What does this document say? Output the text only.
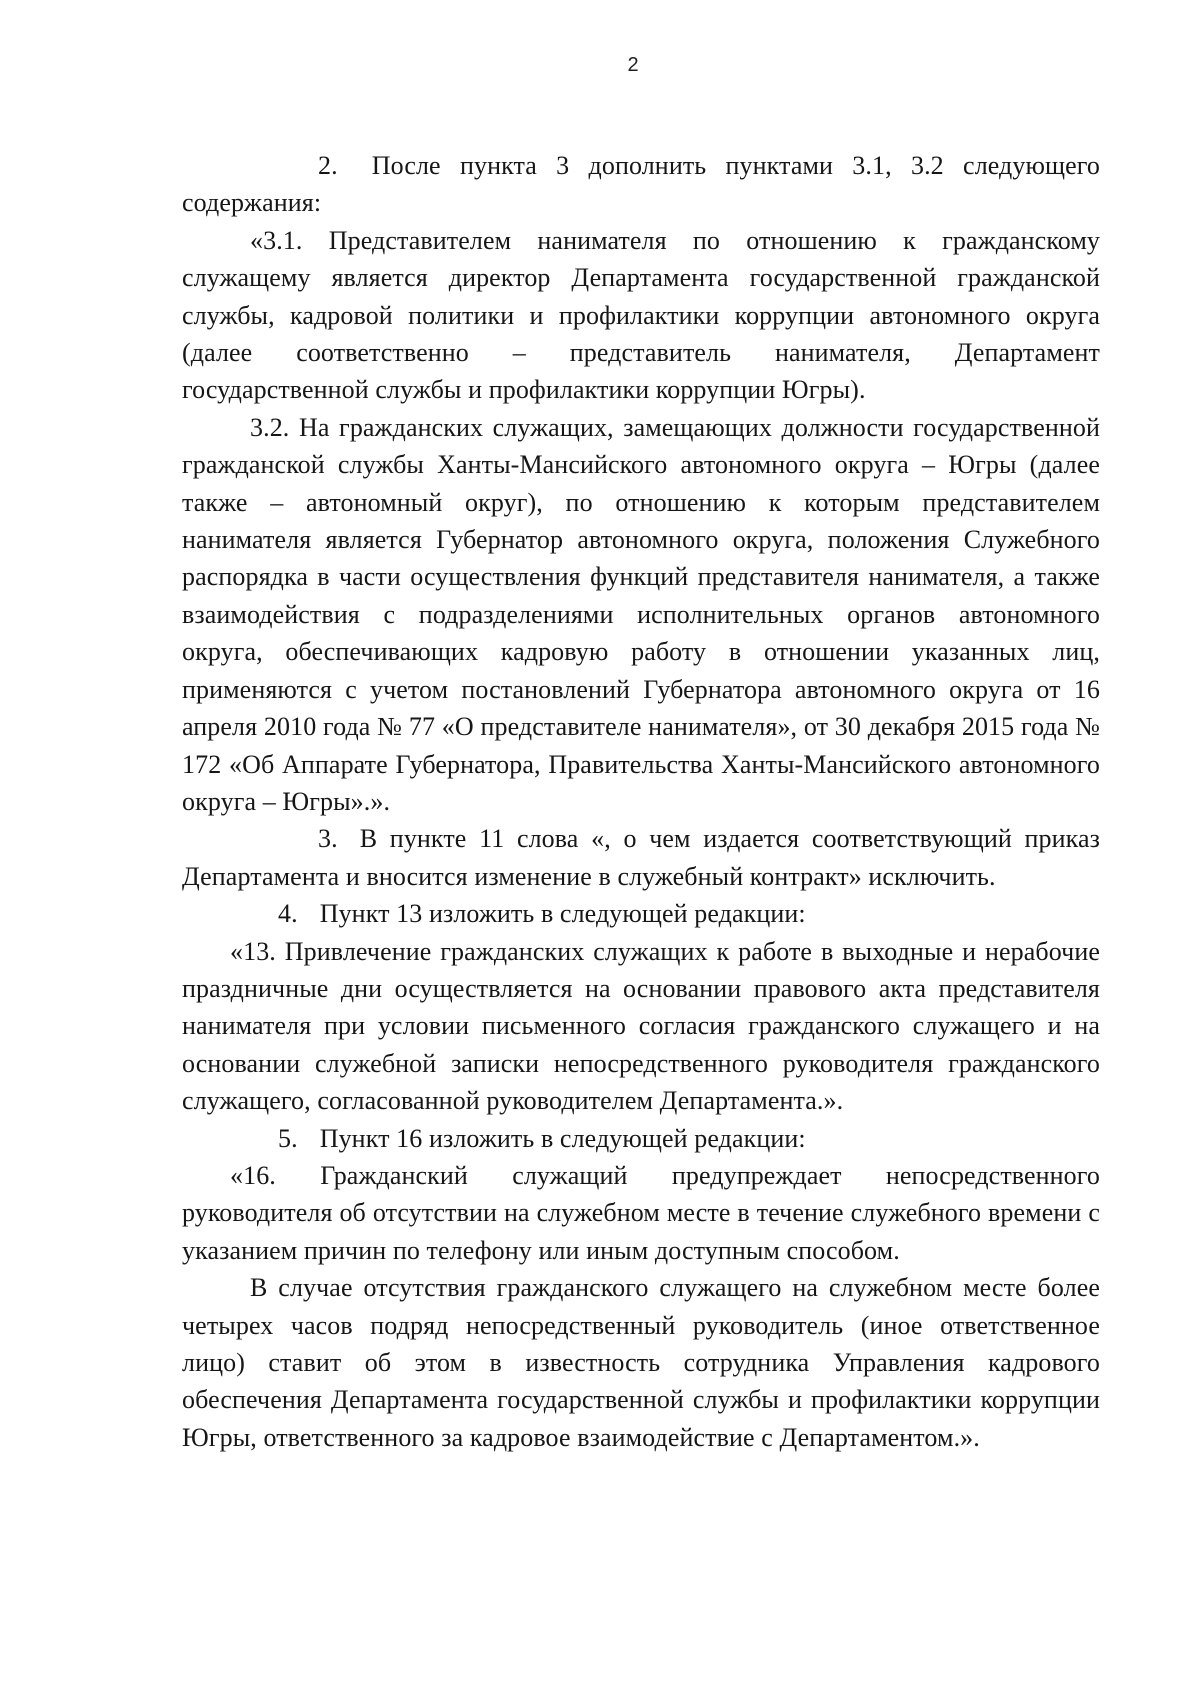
2

2. После пункта 3 дополнить пунктами 3.1, 3.2 следующего содержания:

«3.1. Представителем нанимателя по отношению к гражданскому служащему является директор Департамента государственной гражданской службы, кадровой политики и профилактики коррупции автономного округа (далее соответственно – представитель нанимателя, Департамент государственной службы и профилактики коррупции Югры).

3.2. На гражданских служащих, замещающих должности государственной гражданской службы Ханты-Мансийского автономного округа – Югры (далее также – автономный округ), по отношению к которым представителем нанимателя является Губернатор автономного округа, положения Служебного распорядка в части осуществления функций представителя нанимателя, а также взаимодействия с подразделениями исполнительных органов автономного округа, обеспечивающих кадровую работу в отношении указанных лиц, применяются с учетом постановлений Губернатора автономного округа от 16 апреля 2010 года № 77 «О представителе нанимателя», от 30 декабря 2015 года № 172 «Об Аппарате Губернатора, Правительства Ханты-Мансийского автономного округа – Югры».».

3. В пункте 11 слова «, о чем издается соответствующий приказ Департамента и вносится изменение в служебный контракт» исключить.

4. Пункт 13 изложить в следующей редакции:

«13. Привлечение гражданских служащих к работе в выходные и нерабочие праздничные дни осуществляется на основании правового акта представителя нанимателя при условии письменного согласия гражданского служащего и на основании служебной записки непосредственного руководителя гражданского служащего, согласованной руководителем Департамента.».

5. Пункт 16 изложить в следующей редакции:

«16. Гражданский служащий предупреждает непосредственного руководителя об отсутствии на служебном месте в течение служебного времени с указанием причин по телефону или иным доступным способом.

В случае отсутствия гражданского служащего на служебном месте более четырех часов подряд непосредственный руководитель (иное ответственное лицо) ставит об этом в известность сотрудника Управления кадрового обеспечения Департамента государственной службы и профилактики коррупции Югры, ответственного за кадровое взаимодействие с Департаментом.».
